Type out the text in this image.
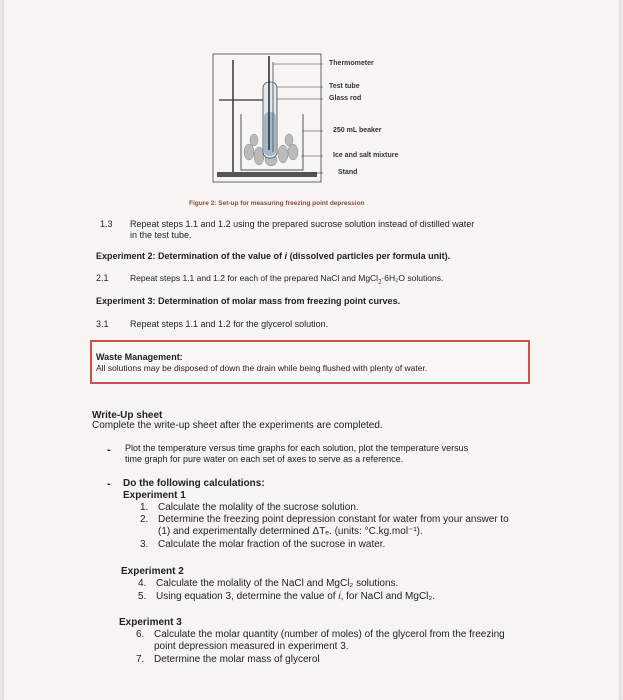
Thermometer
Test tube
Glass rod
250 mL beaker
Ice and salt mixture
Stand
Figure 2: Set-up for measuring freezing point depression
1.3 Repeat steps 1.1 and 1.2 using the prepared sucrose solution instead of distilled water
in the test tube.
Experiment 2: Determination of the value of i (dissolved particles per formula unit).
2.1	Repeat steps 1.1 and 1.2 for each of the prepared NaCl and MgCl$_2$·6H₂O solutions.
Experiment 3: Determination of molar mass from freezing point curves.
3.1 Repeat steps 1.1 and 1.2 for the glycerol solution.
Waste Management:
All solutions may be disposed of down the drain while being flushed with plenty of water.
Write-Up sheet
Complete the write-up sheet after the experiments are completed.
- Plot the temperature versus time graphs for each solution, plot the temperature versus
time graph for pure water on each set of axes to serve as a reference.
- Do the following calculations:
Experiment 1
1. Calculate the molality of the sucrose solution.
2. Determine the freezing point depression constant for water from your answer to
(1) and experimentally determined ΔTₑ. (units: °C.kg.mol⁻¹).
3. Calculate the molar fraction of the sucrose in water.
Experiment 2
4. Calculate the molality of the NaCl and MgCl₂ solutions.
5. Using equation 3, determine the value of i, for NaCl and MgCl₂.
Experiment 3
6. Calculate the molar quantity (number of moles) of the glycerol from the freezing
point depression measured in experiment 3.
7. Determine the molar mass of glycerol
